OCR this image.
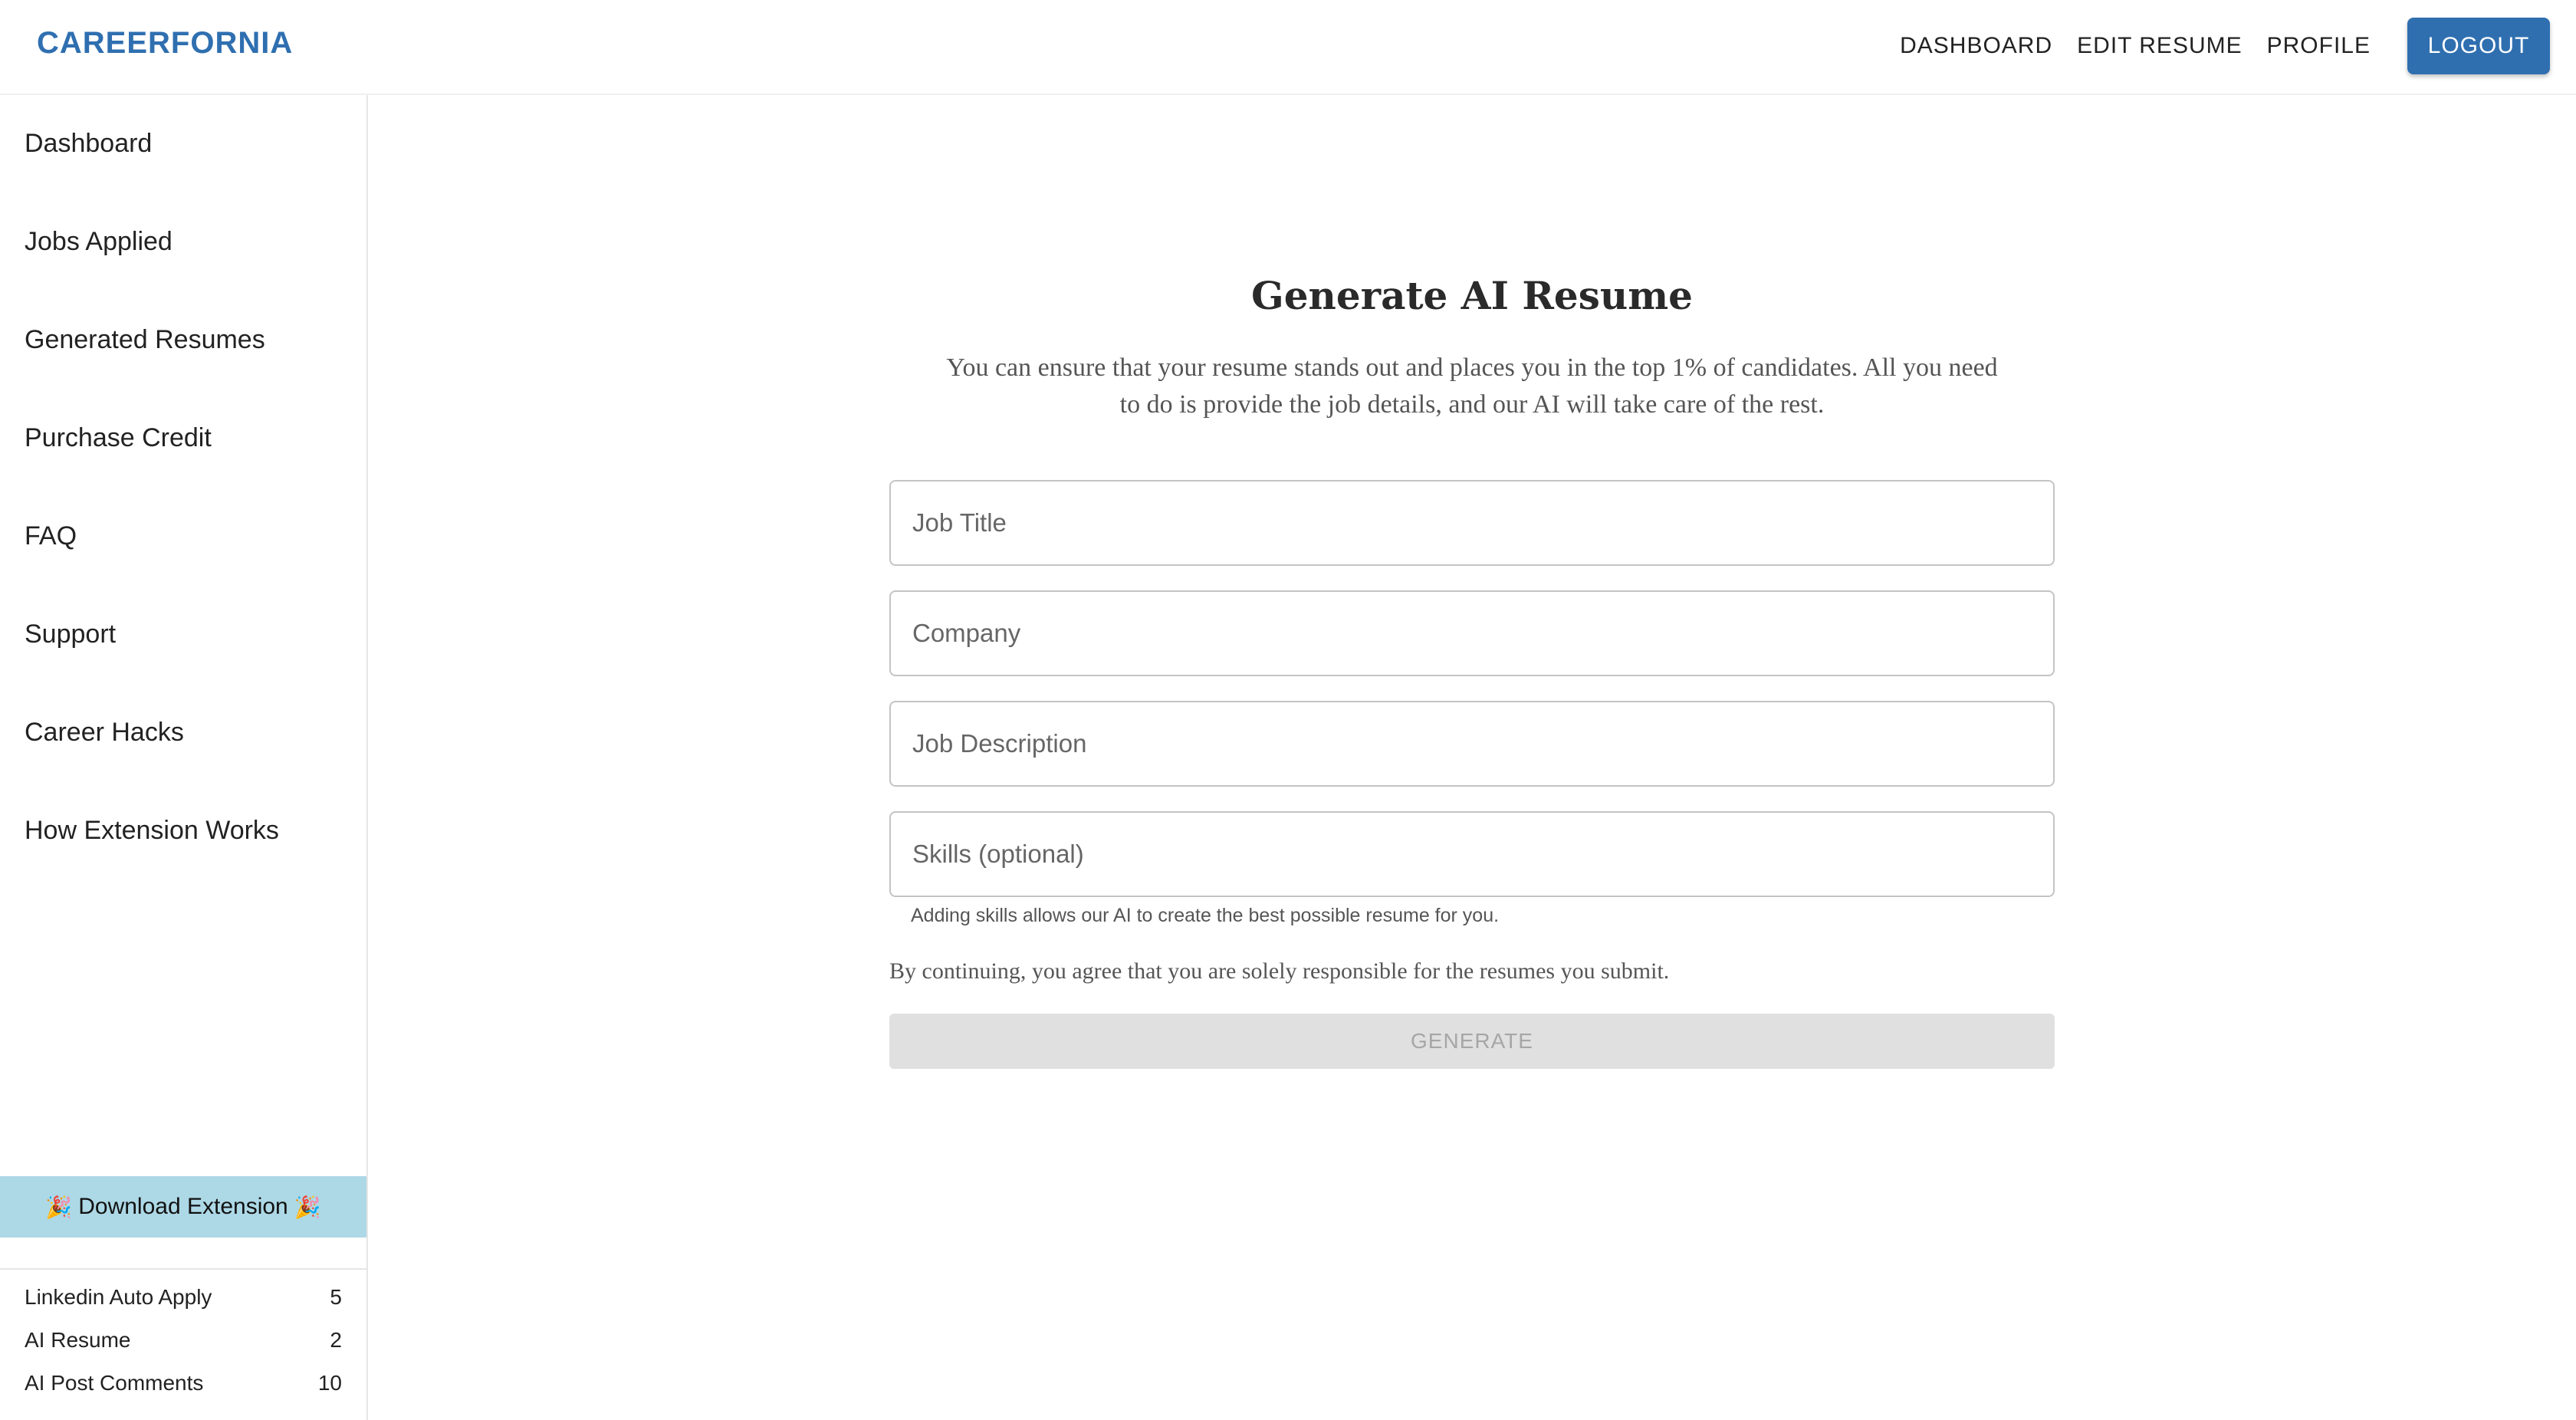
CAREERFORNIA	DASHBOARD EDIT RESUME PROFILE	LOGOUT
Dashboard
Jobs Applied
Generated Resumes
Purchase Credit
FAQ
Support
Career Hacks
How Extension Works
🎉 Download Extension 🎉
Linkedin Auto Apply	5
AI Resume	2
AI Post Comments	10
Generate AI Resume
You can ensure that your resume stands out and places you in the top 1% of candidates. All you need to do is provide the job details, and our AI will take care of the rest.
Job Title
Company
Job Description
Skills (optional)
Adding skills allows our AI to create the best possible resume for you.
By continuing, you agree that you are solely responsible for the resumes you submit.
GENERATE
